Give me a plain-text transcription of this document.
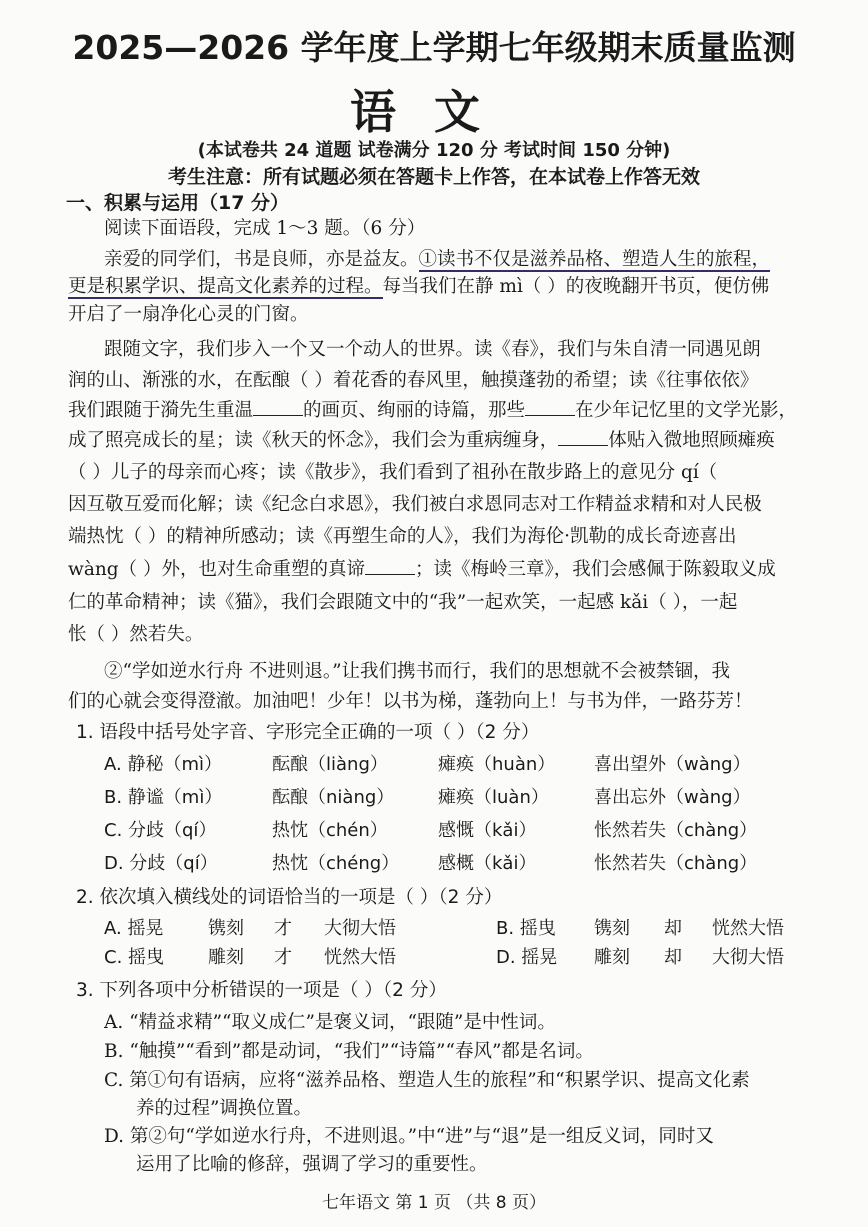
2025—2026 学年度上学期七年级期末质量监测
语文
(本试卷共 24 道题 试卷满分 120 分 考试时间 150 分钟)
考生注意：所有试题必须在答题卡上作答，在本试卷上作答无效
一、积累与运用（17 分）
阅读下面语段，完成 1～3 题。（6 分）
亲爱的同学们，书是良师，亦是益友。①读书不仅是滋养品格、塑造人生的旅程，
更是积累学识、提高文化素养的过程。每当我们在静 mì（ ）的夜晚翻开书页，便仿佛
开启了一扇净化心灵的门窗。
跟随文字，我们步入一个又一个动人的世界。读《春》，我们与朱自清一同遇见朗
润的山、渐涨的水，在酝酿（ ）着花香的春风里，触摸蓬勃的希望；读《往事依依》
我们跟随于漪先生重温	的画页、绚丽的诗篇，那些	在少年记忆里的文学光影，
成了照亮成长的星；读《秋天的怀念》，我们会为重病缠身，	体贴入微地照顾瘫痪
（ ）儿子的母亲而心疼；读《散步》，我们看到了祖孙在散步路上的意见分 qí（
因互敬互爱而化解；读《纪念白求恩》，我们被白求恩同志对工作精益求精和对人民极
端热忱（ ）的精神所感动；读《再塑生命的人》，我们为海伦·凯勒的成长奇迹喜出
wàng（ ）外，也对生命重塑的真谛	；读《梅岭三章》，我们会感佩于陈毅取义成
仁的革命精神；读《猫》，我们会跟随文中的“我”一起欢笑，一起感 kǎi（ ），一起
怅（ ）然若失。
②“学如逆水行舟 不进则退。”让我们携书而行，我们的思想就不会被禁锢，我
们的心就会变得澄澈。加油吧！少年！以书为梯，蓬勃向上！与书为伴，一路芬芳！
1. 语段中括号处字音、字形完全正确的一项（ ）（2 分）
A. 静秘（mì）	酝酿（liàng）	瘫痪（huàn） 喜出望外（wàng）
B. 静谧（mì）	酝酿（niàng） 瘫痪（luàn）	喜出忘外（wàng）
C. 分歧（qí）	热忱（chén）	感慨（kǎi）	怅然若失（chàng）
D. 分歧（qí）	热忱（chéng） 感概（kǎi）	怅然若失（chàng）
2. 依次填入横线处的词语恰当的一项是（ ）（2 分）
A. 摇晃 镌刻 才 大彻大悟	B. 摇曳 镌刻 却 恍然大悟
C. 摇曳 雕刻 才 恍然大悟	D. 摇晃 雕刻 却 大彻大悟
3. 下列各项中分析错误的一项是（ ）（2 分）
A. “精益求精”“取义成仁”是褒义词，“跟随”是中性词。
B. “触摸”“看到”都是动词，“我们”“诗篇”“春风”都是名词。
C. 第①句有语病，应将“滋养品格、塑造人生的旅程”和“积累学识、提高文化素
养的过程”调换位置。
D. 第②句“学如逆水行舟，不进则退。”中“进”与“退”是一组反义词，同时又
运用了比喻的修辞，强调了学习的重要性。
七年语文 第 1 页 （共 8 页）
